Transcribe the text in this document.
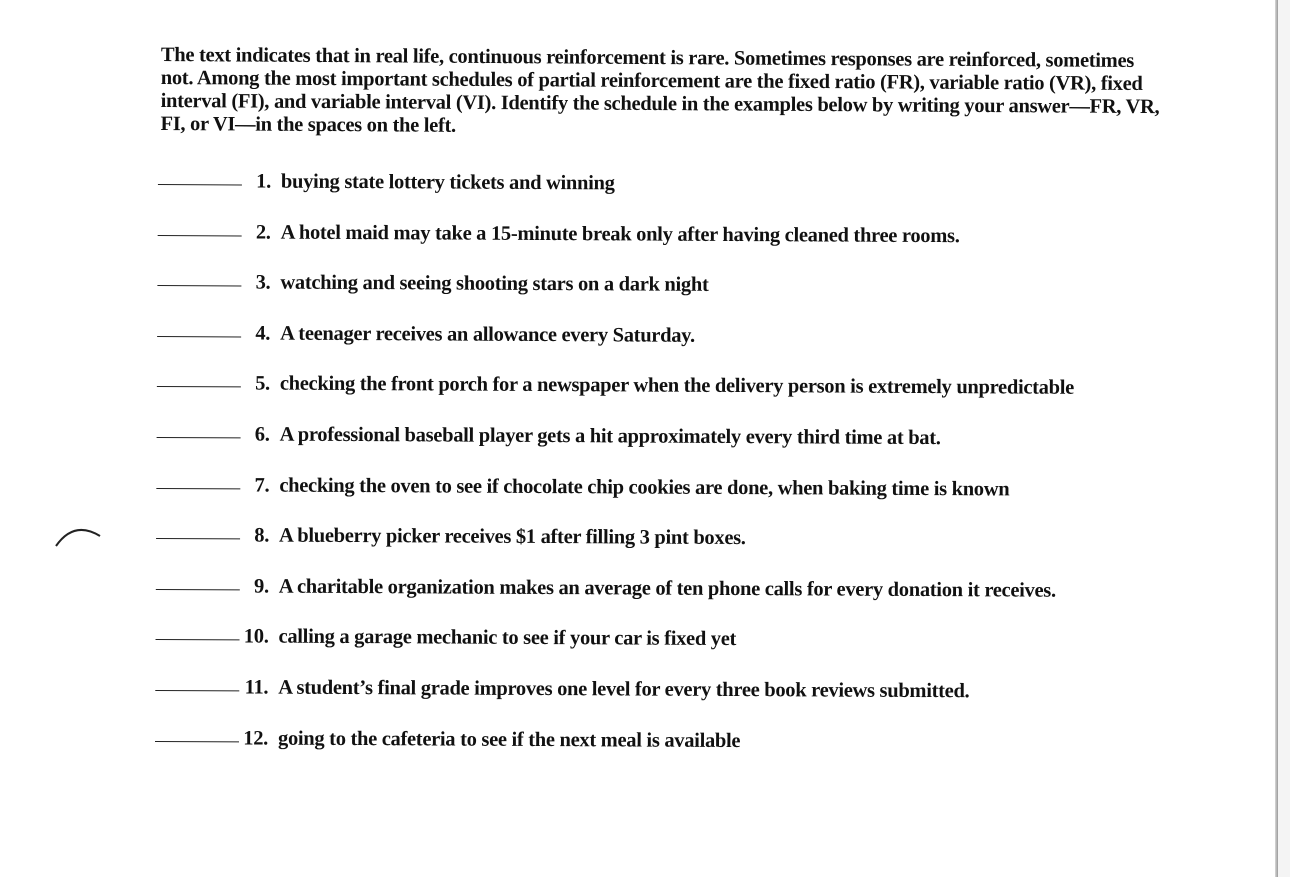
The text indicates that in real life, continuous reinforcement is rare. Sometimes responses are reinforced, sometimes not. Among the most important schedules of partial reinforcement are the fixed ratio (FR), variable ratio (VR), fixed interval (FI), and variable interval (VI). Identify the schedule in the examples below by writing your answer—FR, VR, FI, or VI—in the spaces on the left.

1. buying state lottery tickets and winning
2. A hotel maid may take a 15-minute break only after having cleaned three rooms.
3. watching and seeing shooting stars on a dark night
4. A teenager receives an allowance every Saturday.
5. checking the front porch for a newspaper when the delivery person is extremely unpredictable
6. A professional baseball player gets a hit approximately every third time at bat.
7. checking the oven to see if chocolate chip cookies are done, when baking time is known
8. A blueberry picker receives $1 after filling 3 pint boxes.
9. A charitable organization makes an average of ten phone calls for every donation it receives.
10. calling a garage mechanic to see if your car is fixed yet
11. A student’s final grade improves one level for every three book reviews submitted.
12. going to the cafeteria to see if the next meal is available
